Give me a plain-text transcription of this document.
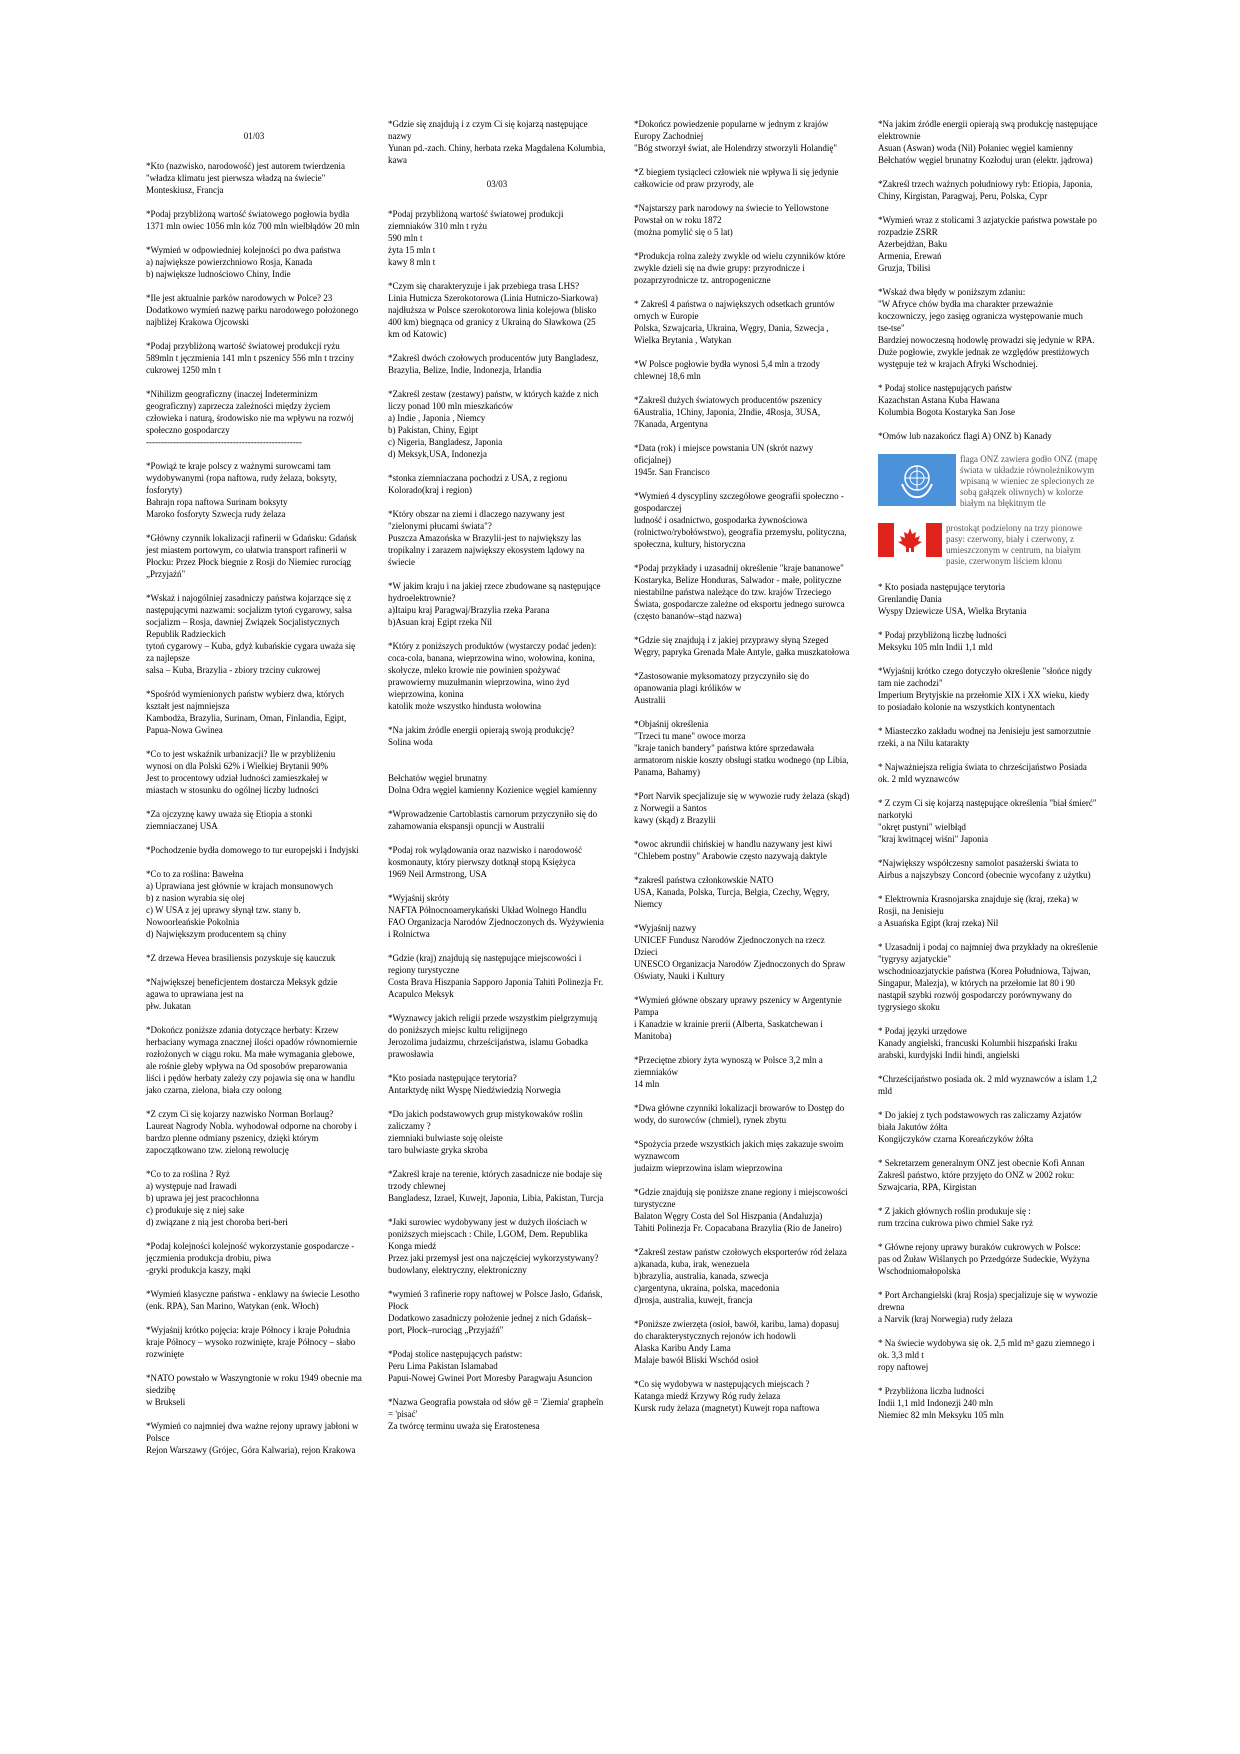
01/03
*Kto (nazwisko, narodowość) jest autorem twierdzenia "władza klimatu jest pierwsza władzą na świecie" Monteskiusz, Francja
*Podaj przybliżoną wartość światowego pogłowia bydła 1371 mln owiec 1056 mln kóz 700 mln wielbłądów 20 mln
*Wymień w odpowiedniej kolejności po dwa państwa
a) największe powierzchniowo Rosja, Kanada
b) największe ludnościowo Chiny, Indie
*Ile jest aktualnie parków narodowych w Polce? 23 Dodatkowo wymień nazwę parku narodowego położonego najbliżej Krakowa Ojcowski
*Podaj przybliżoną wartość światowej produkcji ryżu 589mln t jęczmienia 141 mln t pszenicy 556 mln t trzciny cukrowej 1250 mln t
*Nihilizm geograficzny (inaczej Indeterminizm geograficzny) zaprzecza zależności między życiem człowieka i naturą, środowisko nie ma wpływu na rozwój społeczno gospodarczy
----------------------------------------------------
*Powiąż te kraje polscy z ważnymi surowcami tam wydobywanymi (ropa naftowa, rudy żelaza, boksyty, fosforyty)
Bahrajn ropa naftowa Surinam boksyty
Maroko fosforyty Szwecja rudy żelaza
*Główny czynnik lokalizacji rafinerii w Gdańsku: Gdańsk jest miastem portowym, co ułatwia transport rafinerii w Płocku: Przez Płock biegnie z Rosji do Niemiec rurociąg „Przyjaźń"
*Wskaż i najogólniej zasadniczy państwa kojarzące się z następującymi nazwami: socjalizm tytoń cygarowy, salsa
socjalizm – Rosja, dawniej Związek Socjalistycznych Republik Radzieckich
tytoń cygarowy – Kuba, gdyż kubańskie cygara uważa się za najlepsze
salsa – Kuba, Brazylia - zbiory trzciny cukrowej
*Spośród wymienionych państw wybierz dwa, których kształt jest najmniejsza
Kambodża, Brazylia, Surinam, Oman, Finlandia, Egipt, Papua-Nowa Gwinea
*Co to jest wskaźnik urbanizacji? Ile w przybliżeniu wynosi on dla Polski 62% i Wielkiej Brytanii 90%
Jest to procentowy udział ludności zamieszkałej w miastach w stosunku do ogólnej liczby ludności
*Za ojczyznę kawy uważa się Etiopia a stonki ziemniaczanej USA
*Pochodzenie bydła domowego to tur europejski i Indyjski
*Co to za roślina: Bawełna
a) Uprawiana jest głównie w krajach monsunowych
b) z nasion wyrabia się olej
c) W USA z jej uprawy słynął tzw. stany b. Nowoorleańskie Pokolnia
d) Największym producentem są chiny
*Z drzewa Hevea brasiliensis pozyskuje się kauczuk
*Największej beneficjentem dostarcza Meksyk gdzie agawa to uprawiana jest na
płw. Jukatan
*Dokończ poniższe zdania dotyczące herbaty: Krzew herbaciany wymaga znacznej ilości opadów równomiernie rozłożonych w ciągu roku. Ma małe wymagania glebowe, ale rośnie gleby wpływa na Od sposobów preparowania liści i pędów herbaty zależy czy pojawia się ona w handlu jako czarna, zielona, biała czy oolong
*Z czym Ci się kojarzy nazwisko Norman Borlaug?
Laureat Nagrody Nobla. wyhodował odporne na choroby i bardzo plenne odmiany pszenicy, dzięki którym zapoczątkowano tzw. zieloną rewolucję
*Co to za roślina ? Ryż
a) występuje nad Irawadi
b) uprawa jej jest pracochłonna
c) produkuje się z niej sake
d) związane z nią jest choroba beri-beri
*Podaj kolejności kolejność wykorzystanie gospodarcze -jęczmienia produkcja drobiu, piwa
-gryki produkcja kaszy, mąki
*Wymień klasyczne państwa - enklawy na świecie Lesotho (enk. RPA), San Marino, Watykan (enk. Włoch)
*Wyjaśnij krótko pojęcia: kraje Północy i kraje Południa
kraje Północy – wysoko rozwinięte, kraje Północy – słabo rozwinięte
*NATO powstało w Waszyngtonie w roku 1949 obecnie ma siedzibę
w Brukseli
*Wymień co najmniej dwa ważne rejony uprawy jabłoni w Polsce
Rejon Warszawy (Grójec, Góra Kalwaria), rejon Krakowa
*Gdzie się znajdują i z czym Ci się kojarzą następujące nazwy
Yunan pd.-zach. Chiny, herbata rzeka Magdalena Kolumbia, kawa
03/03
*Podaj przybliżoną wartość światowej produkcji
ziemniaków 310 mln t ryżu
590 mln t
żyta 15 mln t
kawy 8 mln t
*Czym się charakteryzuje i jak przebiega trasa LHS?
Linia Hutnicza Szerokotorowa (Linia Hutniczo-Siarkowa) najdłuższa w Polsce szerokotorowa linia kolejowa (blisko 400 km) biegnąca od granicy z Ukrainą do Sławkowa (25 km od Katowic)
*Zakreśl dwóch czołowych producentów juty Bangladesz, Brazylia, Belize, Indie, Indonezja, Irlandia
*Zakreśl zestaw (zestawy) państw, w których każde z nich liczy ponad 100 mln mieszkańców
a) Indie , Japonia , Niemcy
b) Pakistan, Chiny, Egipt
c) Nigeria, Bangladesz, Japonia
d) Meksyk,USA, Indonezja
*stonka ziemniaczana pochodzi z USA, z regionu Kolorado(kraj i region)
*Który obszar na ziemi i dlaczego nazywany jest "zielonymi płucami świata"?
Puszcza Amazońska w Brazylii-jest to największy las tropikalny i zarazem największy ekosystem lądowy na świecie
*W jakim kraju i na jakiej rzece zbudowane są następujące hydroelektrownie?
a)Itaipu kraj Paragwaj/Brazylia rzeka Parana
b)Asuan kraj Egipt rzeka Nil
*Który z poniższych produktów (wystarczy podać jeden): coca-cola, banana, wieprzowina wino, wołowina, konina, skołycze, mleko krowie nie powinien spożywać prawowierny muzułmanin wieprzowina, wino żyd wieprzowina, konina
katolik może wszystko hindusta wołowina
*Na jakim źródle energii opierają swoją produkcję?
Solina woda

Bełchatów węgiel brunatny
Dolna Odra węgiel kamienny Kozienice węgiel kamienny
*Wprowadzenie Cartoblastis carnorum przyczyniło się do zahamowania ekspansji opuncji w Australii
*Podaj rok wylądowania oraz nazwisko i narodowość kosmonauty, który pierwszy dotknął stopą Księżyca
1969 Neil Armstrong, USA
*Wyjaśnij skróty
NAFTA Północnoamerykański Układ Wolnego Handlu
FAO Organizacja Narodów Zjednoczonych ds. Wyżywienia i Rolnictwa
*Gdzie (kraj) znajdują się następujące miejscowości i regiony turystyczne
Costa Brava Hiszpania Sapporo Japonia Tahiti Polinezja Fr. Acapulco Meksyk
*Wyznawcy jakich religii przede wszystkim pielgrzymują do poniższych miejsc kultu religijnego
Jerozolima judaizmu, chrześcijaństwa, islamu Gobadka prawosławia
*Kto posiada następujące terytoria?
Antarktydę nikt Wyspę Niedźwiedzią Norwegia
*Do jakich podstawowych grup mistykowaków roślin zaliczamy ?
ziemniaki bulwiaste soję oleiste
taro bulwiaste gryka skroba
*Zakreśl kraje na terenie, których zasadnicze nie bodaje się trzody chlewnej
Bangladesz, Izrael, Kuwejt, Japonia, Libia, Pakistan, Turcja
*Jaki surowiec wydobywany jest w dużych ilościach w poniższych miejscach : Chile, LGOM, Dem. Republika Konga miedź
Przez jaki przemysł jest ona najczęściej wykorzystywany? budowlany, elektryczny, elektroniczny
*wymień 3 rafinerie ropy naftowej w Polsce Jasło, Gdańsk, Płock
Dodatkowo zasadniczy położenie jednej z nich Gdańsk–port, Płock–rurociąg „Przyjaźń"
*Podaj stolice następujących państw:
Peru Lima Pakistan Islamabad
Papui-Nowej Gwinei Port Moresby Paragwaju Asuncion
*Nazwa Geografia powstała od słów gê = 'Ziemia' grapheîn = 'pisać'
Za twórcę terminu uważa się Eratostenesa
*Dokończ powiedzenie popularne w jednym z krajów Europy Zachodniej
"Bóg stworzył świat, ale Holendrzy stworzyli Holandię"
*Z biegiem tysiącleci człowiek nie wpływa li się jedynie całkowicie od praw przyrody, ale
*Najstarszy park narodowy na świecie to Yellowstone Powstał on w roku 1872
(można pomylić się o 5 lat)
*Produkcja rolna zależy zwykle od wielu czynników które zwykle dzieli się na dwie grupy: przyrodnicze i pozaprzyrodnicze tz. antropogeniczne
* Zakreśl 4 państwa o największych odsetkach gruntów ornych w Europie
Polska, Szwajcaria, Ukraina, Węgry, Dania, Szwecja , Wielka Brytania , Watykan
*W Polsce pogłowie bydła wynosi 5,4 mln a trzody chlewnej 18,6 mln
*Zakreśl dużych światowych producentów pszenicy
6Australia, 1Chiny, Japonia, 2Indie, 4Rosja, 3USA, 7Kanada, Argentyna
*Data (rok) i miejsce powstania UN (skrót nazwy oficjalnej)
1945r. San Francisco
*Wymień 4 dyscypliny szczegółowe geografii społeczno - gospodarczej
ludność i osadnictwo, gospodarka żywnościowa (rolnictwo/rybołówstwo), geografia przemysłu, polityczna, społeczna, kultury, historyczna
*Podaj przykłady i uzasadnij określenie "kraje bananowe"
Kostaryka, Belize Honduras, Salwador - małe, polityczne niestabilne państwa należące do tzw. krajów Trzeciego Świata, gospodarcze zależne od eksportu jednego surowca (często bananów–stąd nazwa)
*Gdzie się znajdują i z jakiej przyprawy słyną Szeged Węgry, papryka Grenada Małe Antyle, gałka muszkatołowa
*Zastosowanie myksomatozy przyczyniło się do opanowania plagi królików w
Australii
*Objaśnij określenia
"Trzeci tu mane" owoce morza
"kraje tanich bandery" państwa które sprzedawała armatorom niskie koszty obsługi statku wodnego (np Libia, Panama, Bahamy)
*Port Narvik specjalizuje się w wywozie rudy żelaza (skąd) z Norwegii a Santos
kawy (skąd) z Brazylii
*owoc akrundii chińskiej w handlu nazywany jest kiwi
"Chlebem postny" Arabowie często nazywają daktyle
*zakreśl państwa członkowskie NATO
USA, Kanada, Polska, Turcja, Belgia, Czechy, Węgry, Niemcy
*Wyjaśnij nazwy
UNICEF Fundusz Narodów Zjednoczonych na rzecz Dzieci
UNESCO Organizacja Narodów Zjednoczonych do Spraw Oświaty, Nauki i Kultury
*Wymień główne obszary uprawy pszenicy w Argentynie Pampa
i Kanadzie w krainie prerii (Alberta, Saskatchewan i Manitoba)
*Przeciętne zbiory żyta wynoszą w Polsce 3,2 mln a ziemniaków
14 mln
*Dwa główne czynniki lokalizacji browarów to Dostęp do wody, do surowców (chmiel), rynek zbytu
*Spożycia przede wszystkich jakich mięs zakazuje swoim wyznawcom
judaizm wieprzowina islam wieprzowina
*Gdzie znajdują się poniższe znane regiony i miejscowości turystyczne
Balaton Węgry Costa del Sol Hiszpania (Andaluzja)
Tahiti Polinezja Fr. Copacabana Brazylia (Rio de Janeiro)
*Zakreśl zestaw państw czołowych eksporterów ród żelaza
a)kanada, kuba, irak, wenezuela
b)brazylia, australia, kanada, szwecja
c)argentyna, ukraina, polska, macedonia
d)rosja, australia, kuwejt, francja
*Poniższe zwierzęta (osioł, bawół, karibu, lama) dopasuj do charakterystycznych rejonów ich hodowli
Alaska Karibu Andy Lama
Malaje bawół Bliski Wschód osioł
*Co się wydobywa w następujących miejscach ?
Katanga miedź Krzywy Róg rudy żelaza
Kursk rudy żelaza (magnetyt) Kuwejt ropa naftowa
*Na jakim źródle energii opierają swą produkcję następujące elektrownie
Asuan (Aswan) woda (Nil) Połaniec węgiel kamienny
Bełchatów węgiel brunatny Kozłoduj uran (elektr. jądrowa)
*Zakreśl trzech ważnych południowy ryb: Etiopia, Japonia, Chiny, Kirgistan, Paragwaj, Peru, Polska, Cypr
*Wymień wraz z stolicami 3 azjatyckie państwa powstałe po rozpadzie ZSRR
Azerbejdżan, Baku
Armenia, Erewań
Gruzja, Tbilisi
*Wskaż dwa błędy w poniższym zdaniu:
"W Afryce chów bydła ma charakter przeważnie koczowniczy, jego zasięg ogranicza występowanie much tse-tse"
Bardziej nowoczesną hodowlę prowadzi się jedynie w RPA. Duże pogłowie, zwykle jednak ze względów prestiżowych występuje też w krajach Afryki Wschodniej.
* Podaj stolice następujących państw
Kazachstan Astana Kuba Hawana
Kolumbia Bogota Kostaryka San Jose
*Omów lub nazakończ flagi A) ONZ b) Kanady
flaga ONZ zawiera godło ONZ (mapę świata w układzie równoleżnikowym wpisaną w wieniec ze splecionych ze sobą gałązek oliwnych) w kolorze białym na błękitnym tle
prostokąt podzielony na trzy pionowe pasy: czerwony, biały i czerwony, z umieszczonym w centrum, na białym pasie, czerwonym liściem klonu
* Kto posiada następujące terytoria
Grenlandię Dania
Wyspy Dziewicze USA, Wielka Brytania
* Podaj przybliżoną liczbę ludności
Meksyku 105 mln Indii 1,1 mld
*Wyjaśnij krótko czego dotyczyło określenie "słońce nigdy tam nie zachodzi"
Imperium Brytyjskie na przełomie XIX i XX wieku, kiedy to posiadało kolonie na wszystkich kontynentach
* Miasteczko zakładu wodnej na Jenisieju jest samorzutnie rzeki, a na Nilu katarakty
* Najważniejsza religia świata to chrześcijaństwo Posiada ok. 2 mld wyznawców
* Z czym Ci się kojarzą następujące określenia "biał śmierć" narkotyki
"okręt pustyni" wielbłąd
"kraj kwitnącej wiśni" Japonia
*Największy współczesny samolot pasażerski świata to Airbus a najszybszy Concord (obecnie wycofany z użytku)
* Elektrownia Krasnojarska znajduje się (kraj, rzeka) w Rosji, na Jenisieju
a Asuańska Egipt (kraj rzeka) Nil
* Uzasadnij i podaj co najmniej dwa przykłady na określenie "tygrysy azjatyckie"
wschodnioazjatyckie państwa (Korea Południowa, Tajwan, Singapur, Malezja), w których na przełomie lat 80 i 90 nastąpił szybki rozwój gospodarczy porównywany do tygrysiego skoku
* Podaj języki urzędowe
Kanady angielski, francuski Kolumbii hiszpański Iraku arabski, kurdyjski Indii hindi, angielski
*Chrześcijaństwo posiada ok. 2 mld wyznawców a islam 1,2 mld
* Do jakiej z tych podstawowych ras zaliczamy Azjatów biała Jakutów żółta
Kongijczyków czarna Koreańczyków żółta
* Sekretarzem generalnym ONZ jest obecnie Kofi Annan
Zakreśl państwo, które przyjęto do ONZ w 2002 roku: Szwajcaria, RPA, Kirgistan
* Z jakich głównych roślin produkuje się :
rum trzcina cukrowa piwo chmiel Sake ryż
* Główne rejony uprawy buraków cukrowych w Polsce:
pas od Żuław Wiślanych po Przedgórze Sudeckie, Wyżyna Wschodniomałopolska
* Port Archangielski (kraj Rosja) specjalizuje się w wywozie drewna
a Narvik (kraj Norwegia) rudy żelaza
* Na świecie wydobywa się ok. 2,5 mld m³ gazu ziemnego i ok. 3,3 mld t
ropy naftowej
* Przybliżona liczba ludności
Indii 1,1 mld Indonezji 240 mln
Niemiec 82 mln Meksyku 105 mln
